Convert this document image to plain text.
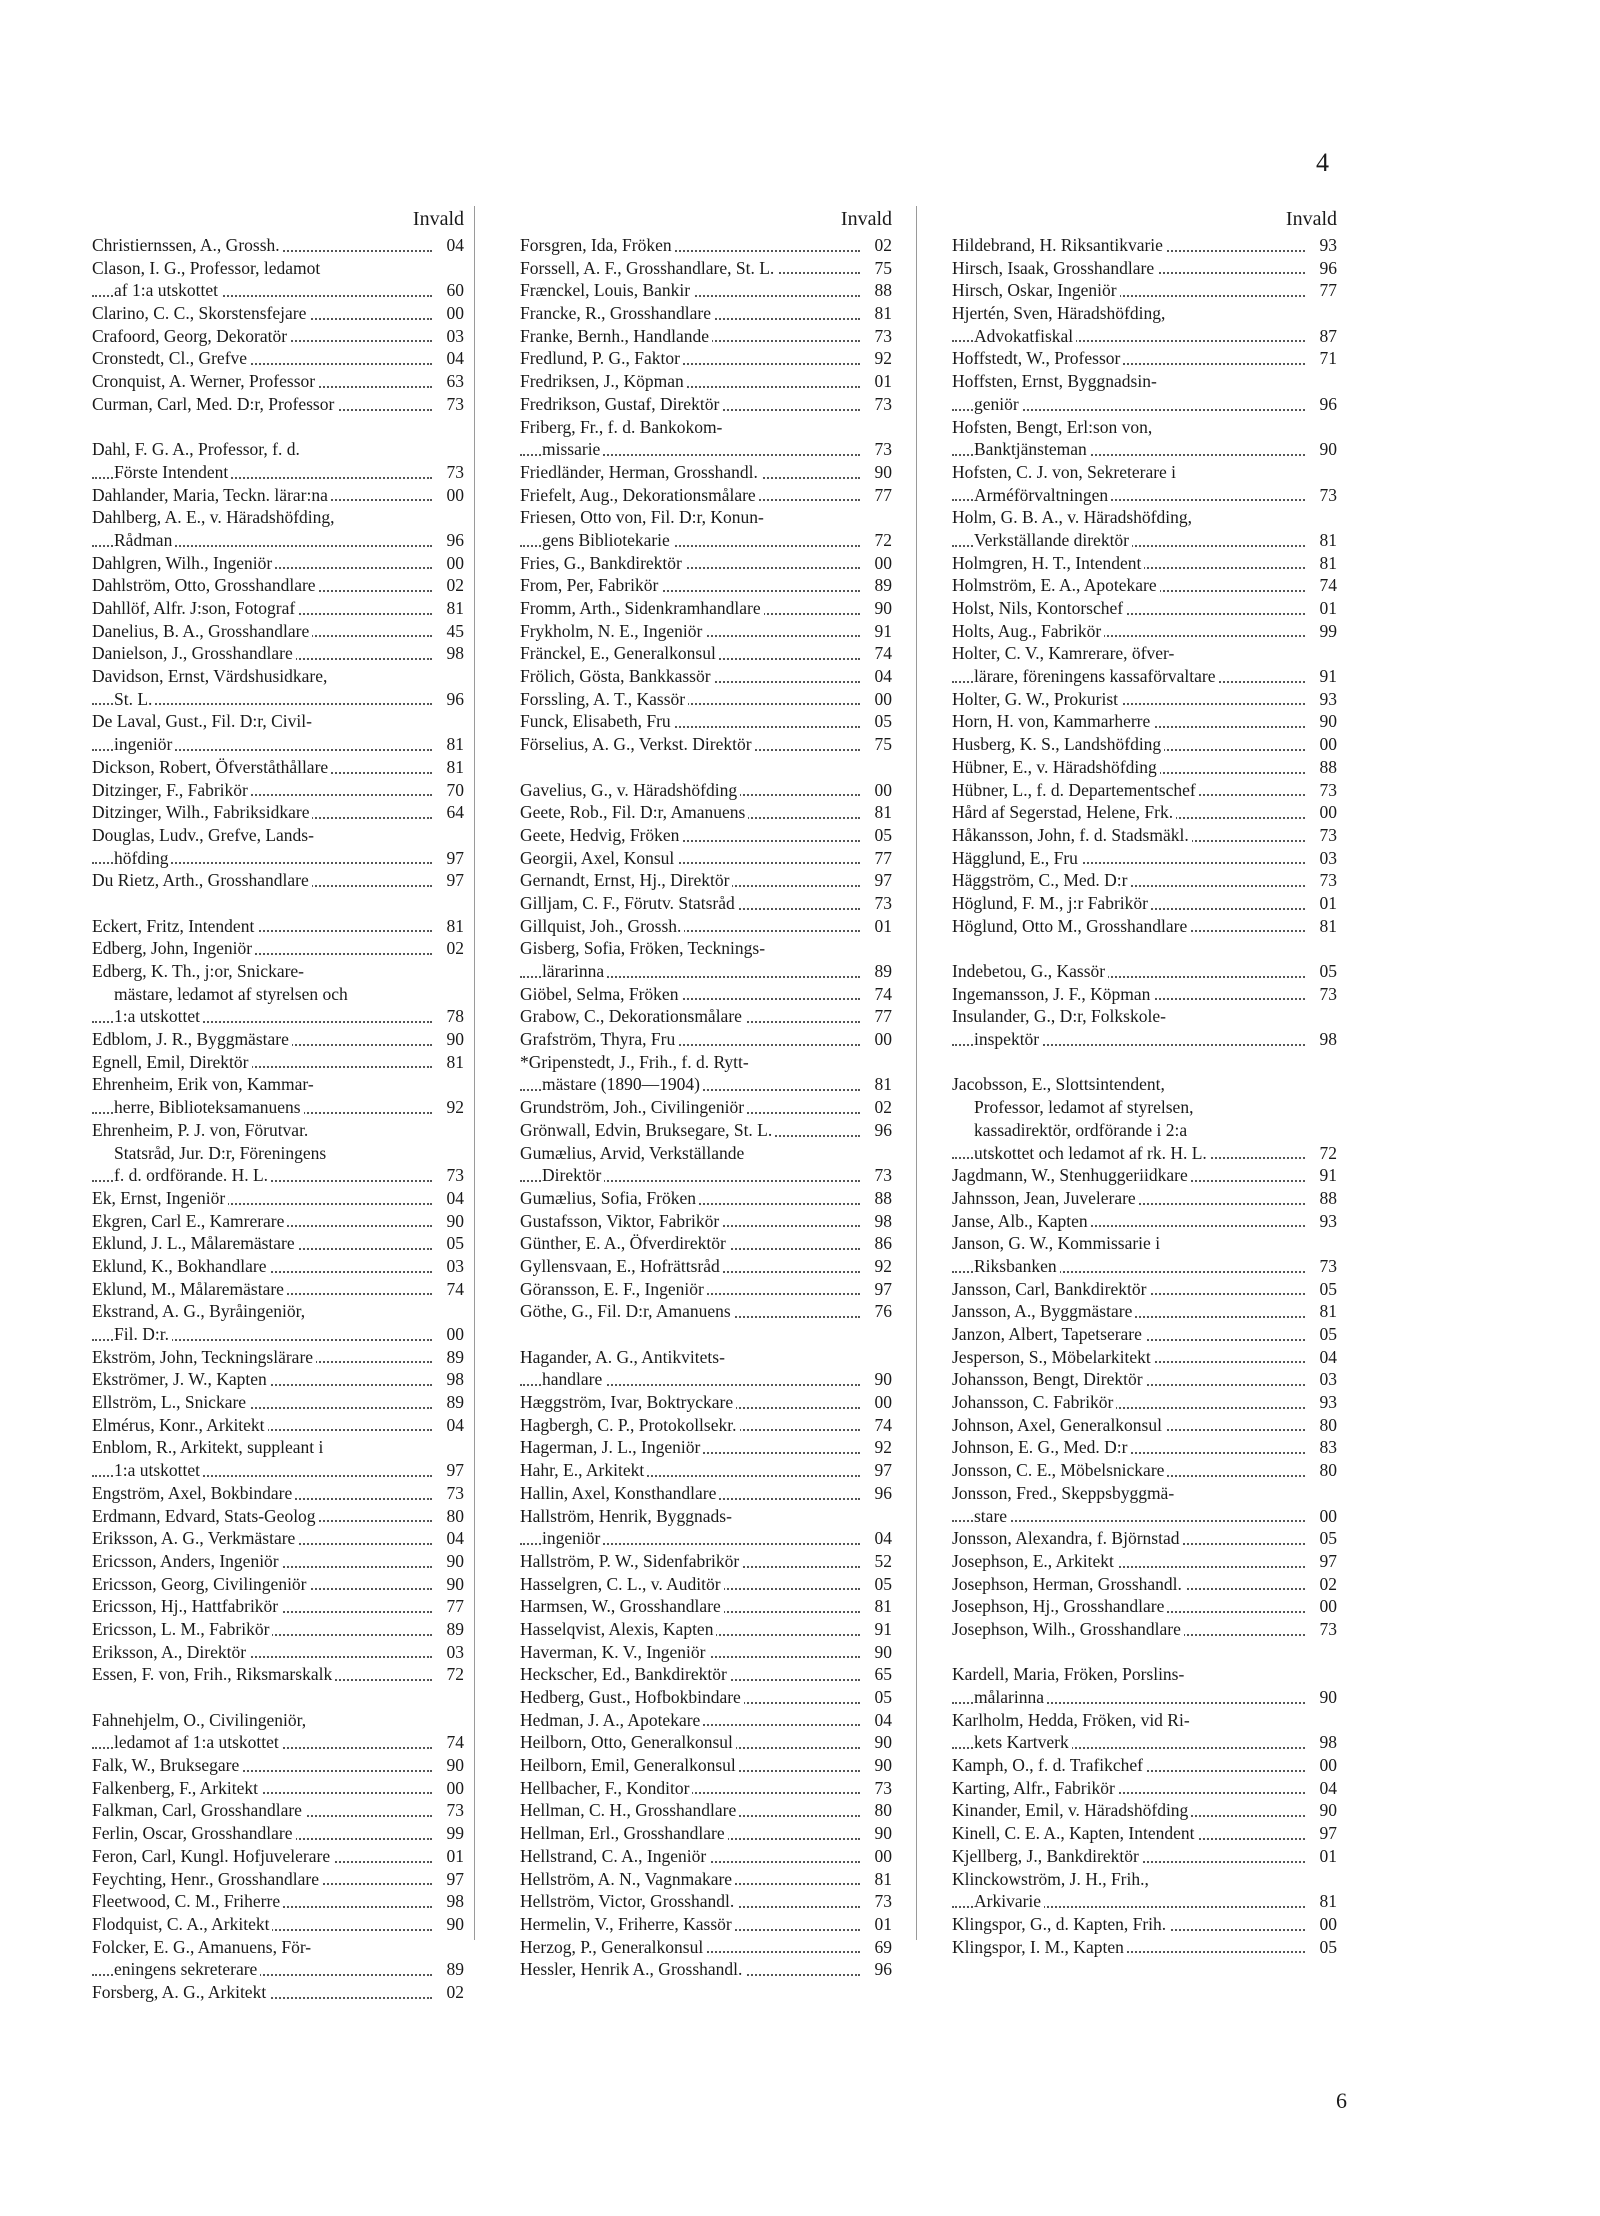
4
Invald
Christiernssen, A., Grossh.	04
Clason, I. G., Professor, ledamot
af 1:a utskottet	60
Clarino, C. C., Skorstensfejare	00
Crafoord, Georg, Dekoratör	03
Cronstedt, Cl., Grefve	04
Cronquist, A. Werner, Professor	63
Curman, Carl, Med. D:r, Professor	73
Dahl, F. G. A., Professor, f. d.
Förste Intendent	73
Dahlander, Maria, Teckn. lärar:na	00
Dahlberg, A. E., v. Häradshöfding,
Rådman	96
Dahlgren, Wilh., Ingeniör	00
Dahlström, Otto, Grosshandlare	02
Dahllöf, Alfr. J:son, Fotograf	81
Danelius, B. A., Grosshandlare	45
Danielson, J., Grosshandlare	98
Davidson, Ernst, Värdshusidkare,
St. L.	96
De Laval, Gust., Fil. D:r, Civil-
ingeniör	81
Dickson, Robert, Öfverståthållare	81
Ditzinger, F., Fabrikör	70
Ditzinger, Wilh., Fabriksidkare	64
Douglas, Ludv., Grefve, Lands-
höfding	97
Du Rietz, Arth., Grosshandlare	97
Eckert, Fritz, Intendent	81
Edberg, John, Ingeniör	02
Edberg, K. Th., j:or, Snickare-
mästare, ledamot af styrelsen och
1:a utskottet	78
Edblom, J. R., Byggmästare	90
Egnell, Emil, Direktör	81
Ehrenheim, Erik von, Kammar-
herre, Biblioteksamanuens	92
Ehrenheim, P. J. von, Förutvar.
Statsråd, Jur. D:r, Föreningens
f. d. ordförande. H. L.	73
Ek, Ernst, Ingeniör	04
Ekgren, Carl E., Kamrerare	90
Eklund, J. L., Målaremästare	05
Eklund, K., Bokhandlare	03
Eklund, M., Målaremästare	74
Ekstrand, A. G., Byråingeniör,
Fil. D:r.	00
Ekström, John, Teckningslärare	89
Ekströmer, J. W., Kapten	98
Ellström, L., Snickare	89
Elmérus, Konr., Arkitekt	04
Enblom, R., Arkitekt, suppleant i
1:a utskottet	97
Engström, Axel, Bokbindare	73
Erdmann, Edvard, Stats-Geolog	80
Eriksson, A. G., Verkmästare	04
Ericsson, Anders, Ingeniör	90
Ericsson, Georg, Civilingeniör	90
Ericsson, Hj., Hattfabrikör	77
Ericsson, L. M., Fabrikör	89
Eriksson, A., Direktör	03
Essen, F. von, Frih., Riksmarskalk	72
Fahnehjelm, O., Civilingeniör,
ledamot af 1:a utskottet	74
Falk, W., Bruksegare	90
Falkenberg, F., Arkitekt	00
Falkman, Carl, Grosshandlare	73
Ferlin, Oscar, Grosshandlare	99
Feron, Carl, Kungl. Hofjuvelerare	01
Feychting, Henr., Grosshandlare	97
Fleetwood, C. M., Friherre	98
Flodquist, C. A., Arkitekt	90
Folcker, E. G., Amanuens, För-
eningens sekreterare	89
Forsberg, A. G., Arkitekt	02
Invald
Forsgren, Ida, Fröken	02
Forssell, A. F., Grosshandlare, St. L.	75
Frænckel, Louis, Bankir	88
Francke, R., Grosshandlare	81
Franke, Bernh., Handlande	73
Fredlund, P. G., Faktor	92
Fredriksen, J., Köpman	01
Fredrikson, Gustaf, Direktör	73
Friberg, Fr., f. d. Bankokom-
missarie	73
Friedländer, Herman, Grosshandl.	90
Friefelt, Aug., Dekorationsmålare	77
Friesen, Otto von, Fil. D:r, Konun-
gens Bibliotekarie	72
Fries, G., Bankdirektör	00
From, Per, Fabrikör	89
Fromm, Arth., Sidenkramhandlare	90
Frykholm, N. E., Ingeniör	91
Fränckel, E., Generalkonsul	74
Frölich, Gösta, Bankkassör	04
Forssling, A. T., Kassör	00
Funck, Elisabeth, Fru	05
Förselius, A. G., Verkst. Direktör	75
Gavelius, G., v. Häradshöfding	00
Geete, Rob., Fil. D:r, Amanuens	81
Geete, Hedvig, Fröken	05
Georgii, Axel, Konsul	77
Gernandt, Ernst, Hj., Direktör	97
Gilljam, C. F., Förutv. Statsråd	73
Gillquist, Joh., Grossh.	01
Gisberg, Sofia, Fröken, Tecknings-
lärarinna	89
Giöbel, Selma, Fröken	74
Grabow, C., Dekorationsmålare	77
Grafström, Thyra, Fru	00
*Gripenstedt, J., Frih., f. d. Rytt-
mästare (1890—1904)	81
Grundström, Joh., Civilingeniör	02
Grönwall, Edvin, Bruksegare, St. L.	96
Gumælius, Arvid, Verkställande
Direktör	73
Gumælius, Sofia, Fröken	88
Gustafsson, Viktor, Fabrikör	98
Günther, E. A., Öfverdirektör	86
Gyllensvaan, E., Hofrättsråd	92
Göransson, E. F., Ingeniör	97
Göthe, G., Fil. D:r, Amanuens	76
Hagander, A. G., Antikvitets-
handlare	90
Hæggström, Ivar, Boktryckare	00
Hagbergh, C. P., Protokollsekr.	74
Hagerman, J. L., Ingeniör	92
Hahr, E., Arkitekt	97
Hallin, Axel, Konsthandlare	96
Hallström, Henrik, Byggnads-
ingeniör	04
Hallström, P. W., Sidenfabrikör	52
Hasselgren, C. L., v. Auditör	05
Harmsen, W., Grosshandlare	81
Hasselqvist, Alexis, Kapten	91
Haverman, K. V., Ingeniör	90
Heckscher, Ed., Bankdirektör	65
Hedberg, Gust., Hofbokbindare	05
Hedman, J. A., Apotekare	04
Heilborn, Otto, Generalkonsul	90
Heilborn, Emil, Generalkonsul	90
Hellbacher, F., Konditor	73
Hellman, C. H., Grosshandlare	80
Hellman, Erl., Grosshandlare	90
Hellstrand, C. A., Ingeniör	00
Hellström, A. N., Vagnmakare	81
Hellström, Victor, Grosshandl.	73
Hermelin, V., Friherre, Kassör	01
Herzog, P., Generalkonsul	69
Hessler, Henrik A., Grosshandl.	96
Invald
Hildebrand, H. Riksantikvarie	93
Hirsch, Isaak, Grosshandlare	96
Hirsch, Oskar, Ingeniör	77
Hjertén, Sven, Häradshöfding,
Advokatfiskal	87
Hoffstedt, W., Professor	71
Hoffsten, Ernst, Byggnadsin-
geniör	96
Hofsten, Bengt, Erl:son von,
Banktjänsteman	90
Hofsten, C. J. von, Sekreterare i
Arméförvaltningen	73
Holm, G. B. A., v. Häradshöfding,
Verkställande direktör	81
Holmgren, H. T., Intendent	81
Holmström, E. A., Apotekare	74
Holst, Nils, Kontorschef	01
Holts, Aug., Fabrikör	99
Holter, C. V., Kamrerare, öfver-
lärare, föreningens kassaförvaltare	91
Holter, G. W., Prokurist	93
Horn, H. von, Kammarherre	90
Husberg, K. S., Landshöfding	00
Hübner, E., v. Häradshöfding	88
Hübner, L., f. d. Departementschef	73
Hård af Segerstad, Helene, Frk.	00
Håkansson, John, f. d. Stadsmäkl.	73
Hägglund, E., Fru	03
Häggström, C., Med. D:r	73
Höglund, F. M., j:r Fabrikör	01
Höglund, Otto M., Grosshandlare	81
Indebetou, G., Kassör	05
Ingemansson, J. F., Köpman	73
Insulander, G., D:r, Folkskole-
inspektör	98
Jacobsson, E., Slottsintendent,
Professor, ledamot af styrelsen,
kassadirektör, ordförande i 2:a
utskottet och ledamot af rk. H. L.	72
Jagdmann, W., Stenhuggeriidkare	91
Jahnsson, Jean, Juvelerare	88
Janse, Alb., Kapten	93
Janson, G. W., Kommissarie i
Riksbanken	73
Jansson, Carl, Bankdirektör	05
Jansson, A., Byggmästare	81
Janzon, Albert, Tapetserare	05
Jesperson, S., Möbelarkitekt	04
Johansson, Bengt, Direktör	03
Johansson, C. Fabrikör	93
Johnson, Axel, Generalkonsul	80
Johnson, E. G., Med. D:r	83
Jonsson, C. E., Möbelsnickare	80
Jonsson, Fred., Skeppsbyggmä-
stare	00
Jonsson, Alexandra, f. Björnstad	05
Josephson, E., Arkitekt	97
Josephson, Herman, Grosshandl.	02
Josephson, Hj., Grosshandlare	00
Josephson, Wilh., Grosshandlare	73
Kardell, Maria, Fröken, Porslins-
målarinna	90
Karlholm, Hedda, Fröken, vid Ri-
kets Kartverk	98
Kamph, O., f. d. Trafikchef	00
Karting, Alfr., Fabrikör	04
Kinander, Emil, v. Häradshöfding	90
Kinell, C. E. A., Kapten, Intendent	97
Kjellberg, J., Bankdirektör	01
Klinckowström, J. H., Frih.,
Arkivarie	81
Klingspor, G., d. Kapten, Frih.	00
Klingspor, I. M., Kapten	05
6
